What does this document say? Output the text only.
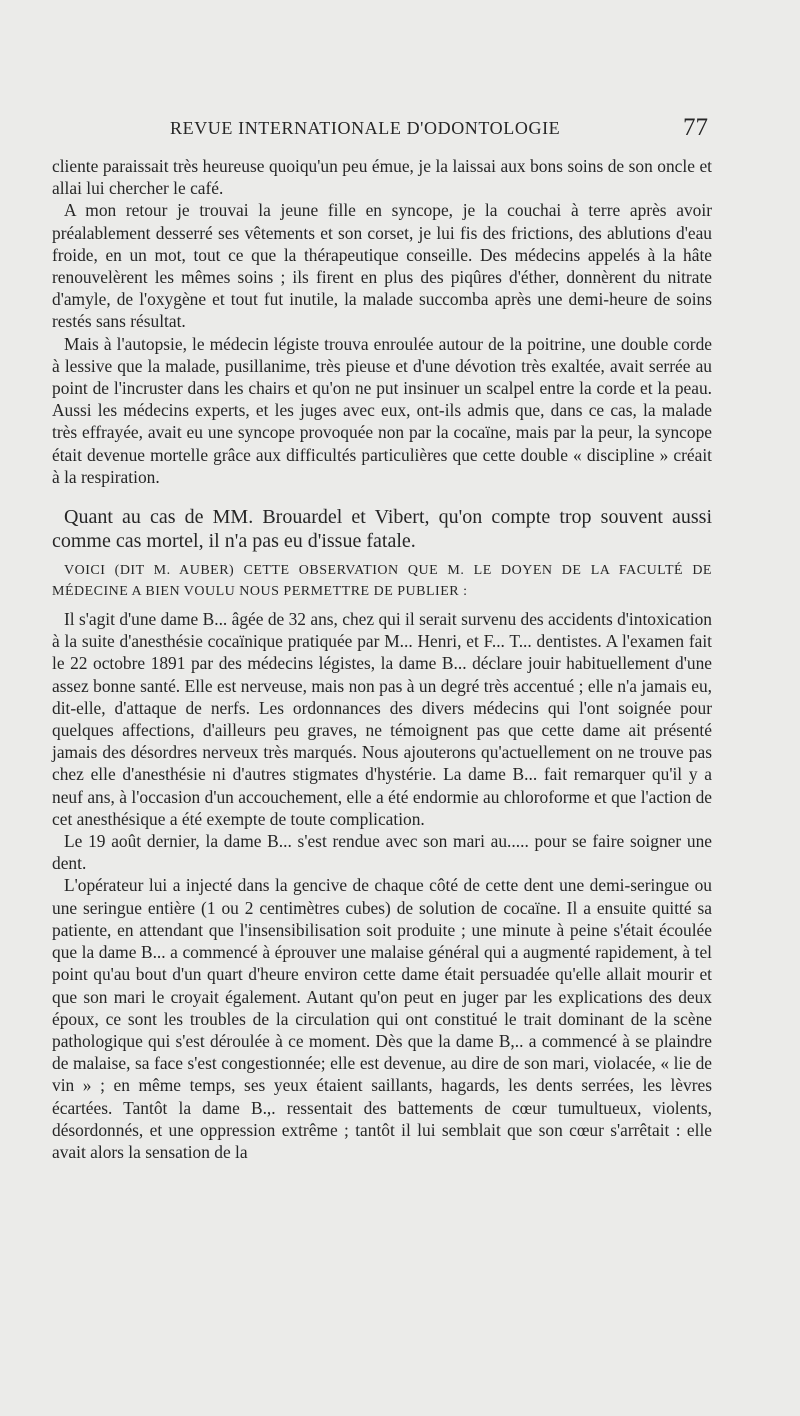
REVUE INTERNATIONALE D'ODONTOLOGIE	77

cliente paraissait très heureuse quoiqu'un peu émue, je la laissai aux bons soins de son oncle et allai lui chercher le café.

A mon retour je trouvai la jeune fille en syncope, je la couchai à terre après avoir préalablement desserré ses vêtements et son corset, je lui fis des frictions, des ablutions d'eau froide, en un mot, tout ce que la thérapeutique conseille. Des médecins appelés à la hâte renouvelèrent les mêmes soins ; ils firent en plus des piqûres d'éther, donnèrent du nitrate d'amyle, de l'oxygène et tout fut inutile, la malade succomba après une demi-heure de soins restés sans résultat.

Mais à l'autopsie, le médecin légiste trouva enroulée autour de la poitrine, une double corde à lessive que la malade, pusillanime, très pieuse et d'une dévotion très exaltée, avait serrée au point de l'incruster dans les chairs et qu'on ne put insinuer un scalpel entre la corde et la peau. Aussi les médecins experts, et les juges avec eux, ont-ils admis que, dans ce cas, la malade très effrayée, avait eu une syncope provoquée non par la cocaïne, mais par la peur, la syncope était devenue mortelle grâce aux difficultés particulières que cette double « discipline » créait à la respiration.

Quant au cas de MM. Brouardel et Vibert, qu'on compte trop souvent aussi comme cas mortel, il n'a pas eu d'issue fatale.

VOICI (DIT M. AUBER) CETTE OBSERVATION QUE M. LE DOYEN DE LA FACULTÉ DE MÉDECINE A BIEN VOULU NOUS PERMETTRE DE PUBLIER :

Il s'agit d'une dame B... âgée de 32 ans, chez qui il serait survenu des accidents d'intoxication à la suite d'anesthésie cocaïnique pratiquée par M... Henri, et F... T... dentistes. A l'examen fait le 22 octobre 1891 par des médecins légistes, la dame B... déclare jouir habituellement d'une assez bonne santé. Elle est nerveuse, mais non pas à un degré très accentué ; elle n'a jamais eu, dit-elle, d'attaque de nerfs. Les ordonnances des divers médecins qui l'ont soignée pour quelques affections, d'ailleurs peu graves, ne témoignent pas que cette dame ait présenté jamais des désordres nerveux très marqués. Nous ajouterons qu'actuellement on ne trouve pas chez elle d'anesthésie ni d'autres stigmates d'hystérie. La dame B... fait remarquer qu'il y a neuf ans, à l'occasion d'un accouchement, elle a été endormie au chloroforme et que l'action de cet anesthésique a été exempte de toute complication.

Le 19 août dernier, la dame B... s'est rendue avec son mari au..... pour se faire soigner une dent.

L'opérateur lui a injecté dans la gencive de chaque côté de cette dent une demi-seringue ou une seringue entière (1 ou 2 centimètres cubes) de solution de cocaïne. Il a ensuite quitté sa patiente, en attendant que l'insensibilisation soit produite ; une minute à peine s'était écoulée que la dame B... a commencé à éprouver une malaise général qui a augmenté rapidement, à tel point qu'au bout d'un quart d'heure environ cette dame était persuadée qu'elle allait mourir et que son mari le croyait également. Autant qu'on peut en juger par les explications des deux époux, ce sont les troubles de la circulation qui ont constitué le trait dominant de la scène pathologique qui s'est déroulée à ce moment. Dès que la dame B,.. a commencé à se plaindre de malaise, sa face s'est congestionnée; elle est devenue, au dire de son mari, violacée, « lie de vin » ; en même temps, ses yeux étaient saillants, hagards, les dents serrées, les lèvres écartées. Tantôt la dame B.,. ressentait des battements de cœur tumultueux, violents, désordonnés, et une oppression extrême ; tantôt il lui semblait que son cœur s'arrêtait : elle avait alors la sensation de la
